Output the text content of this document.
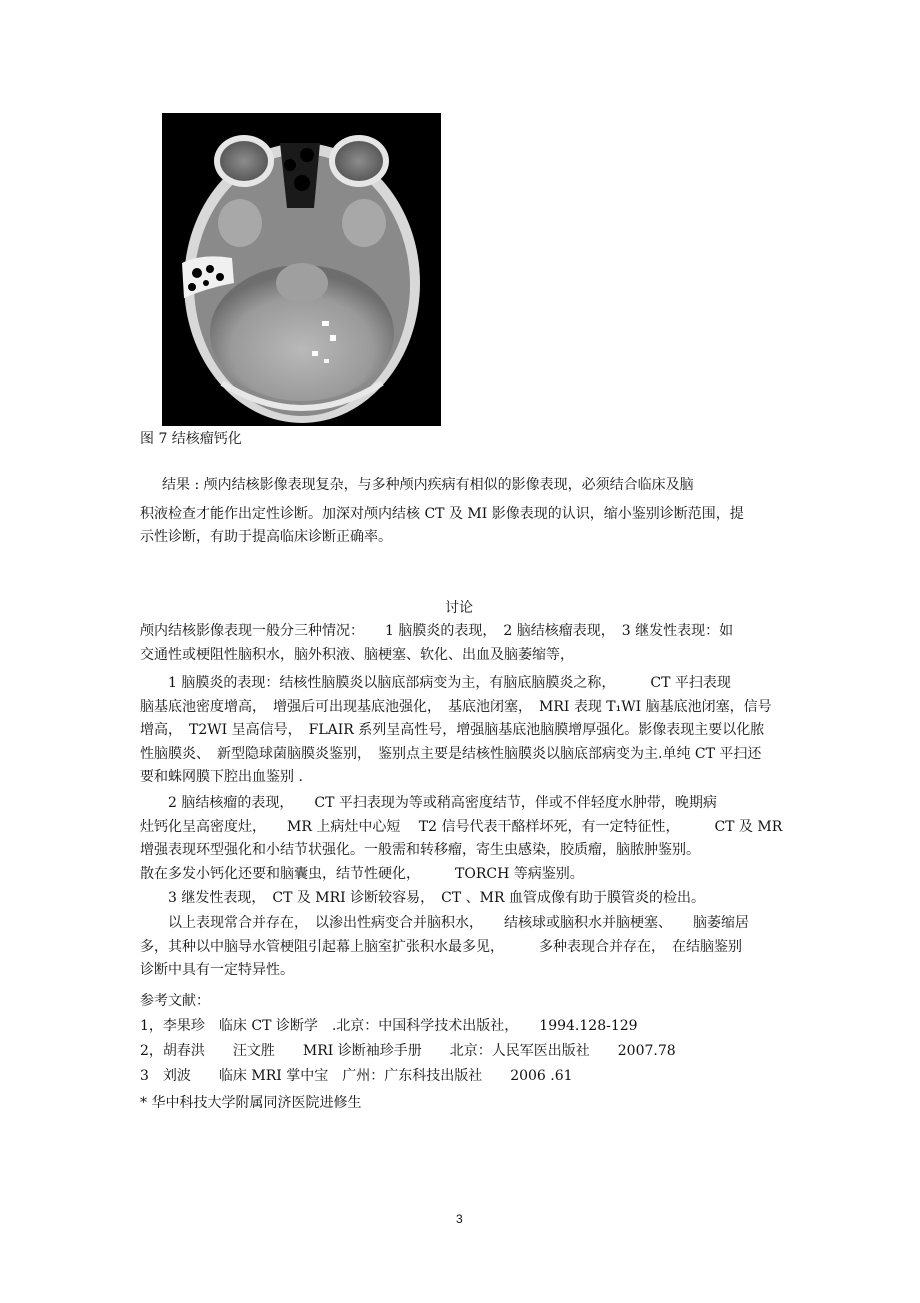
图 7 结核瘤钙化
结果 : 颅内结核影像表现复杂，与多种颅内疾病有相似的影像表现，必须结合临床及脑
积液检查才能作出定性诊断。加深对颅内结核 CT 及 MI 影像表现的认识，缩小鉴别诊断范围，提
示性诊断，有助于提高临床诊断正确率。
讨论
颅内结核影像表现一般分三种情况：　　1 脑膜炎的表现，　2 脑结核瘤表现，　3 继发性表现：如
交通性或梗阻性脑积水，脑外积液、脑梗塞、软化、出血及脑萎缩等，
　　1 脑膜炎的表现：结核性脑膜炎以脑底部病变为主，有脑底脑膜炎之称，　　　CT 平扫表现
脑基底池密度增高，　增强后可出现基底池强化，　基底池闭塞，　MRI 表现 T₁WI 脑基底池闭塞，信号
增高，　T2WI 呈高信号，　FLAIR 系列呈高性号，增强脑基底池脑膜增厚强化。影像表现主要以化脓
性脑膜炎、　新型隐球菌脑膜炎鉴别，　鉴别点主要是结核性脑膜炎以脑底部病变为主.单纯 CT 平扫还
要和蛛网膜下腔出血鉴别 .
　　2 脑结核瘤的表现，　　CT 平扫表现为等或稍高密度结节，伴或不伴轻度水肿带，晚期病
灶钙化呈高密度灶，　　MR 上病灶中心短　 T2 信号代表干酪样坏死，有一定特征性，　　　CT 及 MR
增强表现环型强化和小结节状强化。一般需和转移瘤，寄生虫感染，胶质瘤，脑脓肿鉴别。
散在多发小钙化还要和脑囊虫，结节性硬化，　　　TORCH 等病鉴别。
　　3 继发性表现，　CT 及 MRI 诊断较容易，　CT 、MR 血管成像有助于膜管炎的检出。
　　以上表现常合并存在，　以渗出性病变合并脑积水，　　结核球或脑积水并脑梗塞、　　脑萎缩居
多，其种以中脑导水管梗阻引起幕上脑室扩张积水最多见，　　　多种表现合并存在，　在结脑鉴别
诊断中具有一定特异性。
参考文献：
1，李果珍　临床 CT 诊断学　.北京：中国科学技术出版社，　　1994.128-129
2，胡春洪　　汪文胜　　MRI 诊断袖珍手册　　北京：人民军医出版社　　2007.78
3　刘波　　临床 MRI 掌中宝　广州：广东科技出版社　　2006 .61
* 华中科技大学附属同济医院进修生
3
